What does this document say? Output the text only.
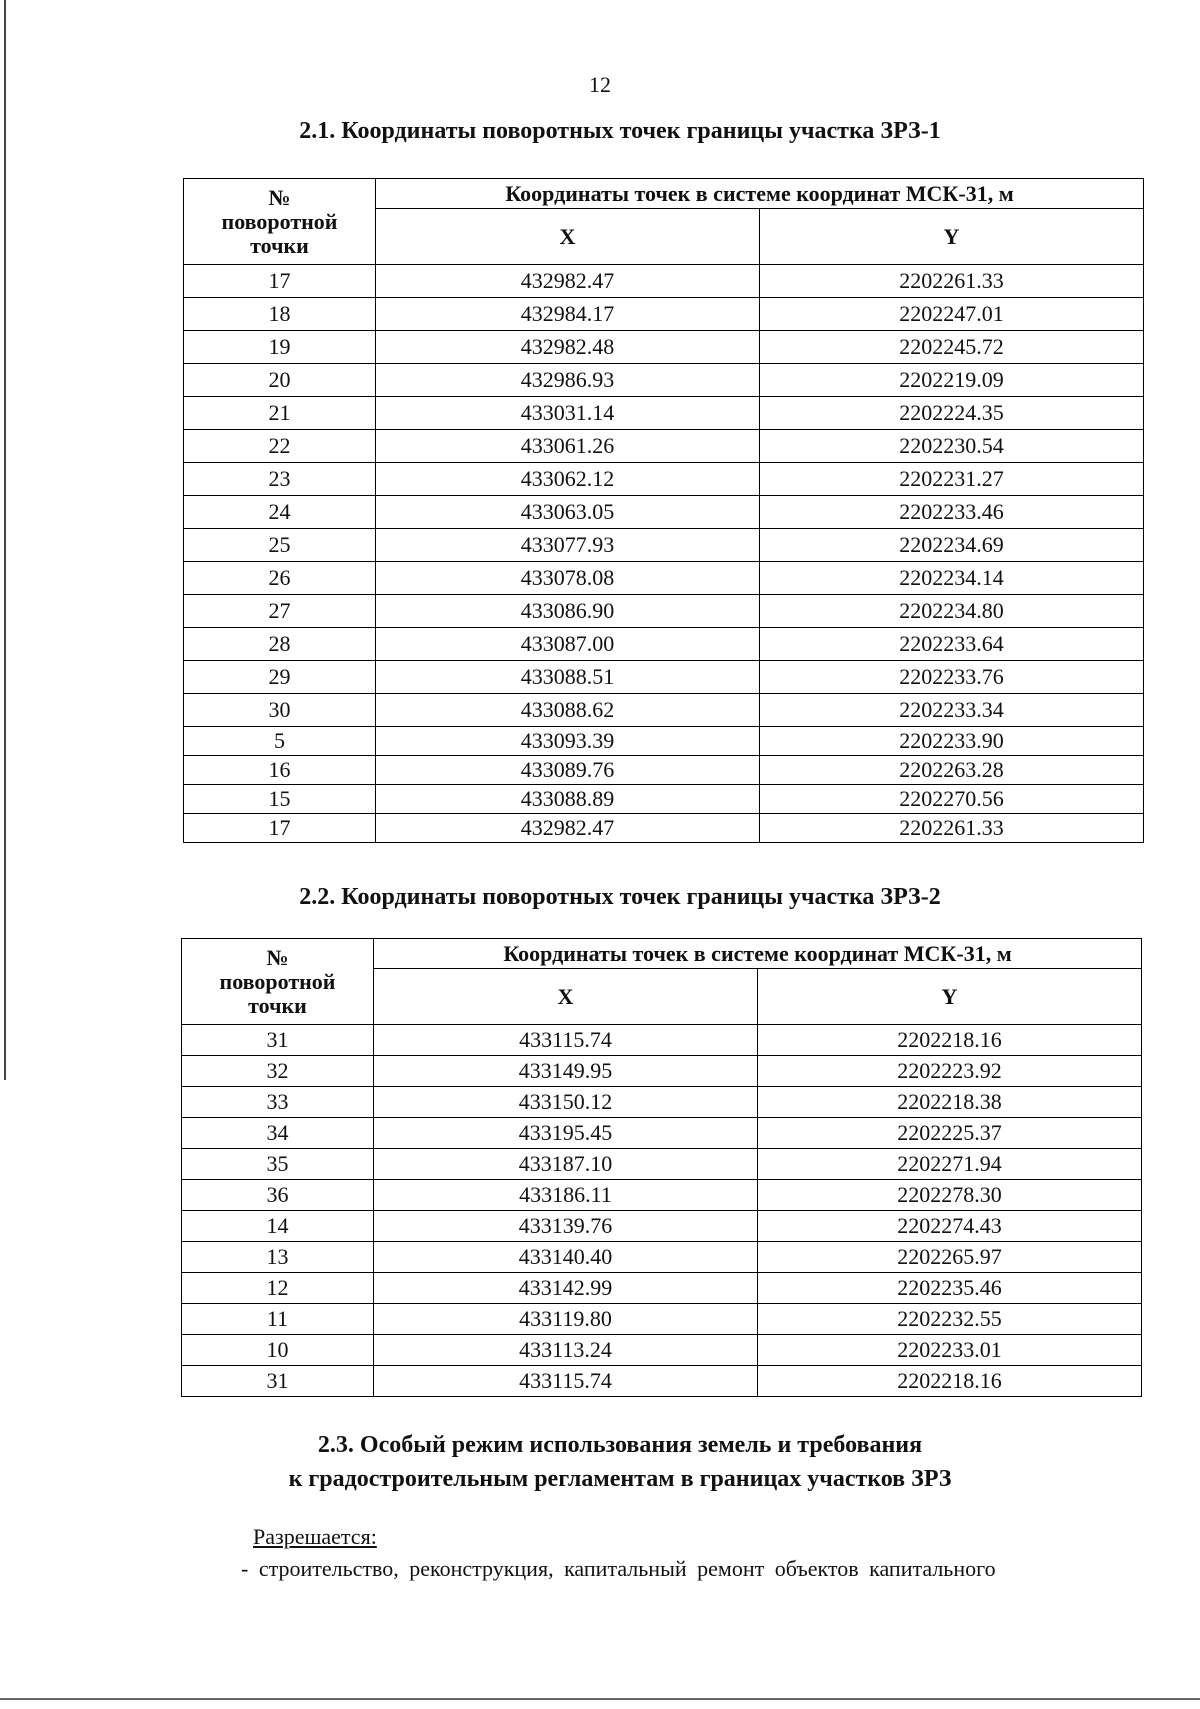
12
2.1. Координаты поворотных точек границы участка ЗРЗ-1
№
поворотной
точки	Координаты точек в системе координат МСК-31, м	
	X	Y
17	432982.47	2202261.33
18	432984.17	2202247.01
19	432982.48	2202245.72
20	432986.93	2202219.09
21	433031.14	2202224.35
22	433061.26	2202230.54
23	433062.12	2202231.27
24	433063.05	2202233.46
25	433077.93	2202234.69
26	433078.08	2202234.14
27	433086.90	2202234.80
28	433087.00	2202233.64
29	433088.51	2202233.76
30	433088.62	2202233.34
5	433093.39	2202233.90
16	433089.76	2202263.28
15	433088.89	2202270.56
17	432982.47	2202261.33
2.2. Координаты поворотных точек границы участка ЗРЗ-2
№
поворотной
точки	Координаты точек в системе координат МСК-31, м	
	X	Y
31	433115.74	2202218.16
32	433149.95	2202223.92
33	433150.12	2202218.38
34	433195.45	2202225.37
35	433187.10	2202271.94
36	433186.11	2202278.30
14	433139.76	2202274.43
13	433140.40	2202265.97
12	433142.99	2202235.46
11	433119.80	2202232.55
10	433113.24	2202233.01
31	433115.74	2202218.16
2.3. Особый режим использования земель и требования
к градостроительным регламентам в границах участков ЗРЗ
Разрешается:
- строительство, реконструкция, капитальный ремонт объектов капитального
